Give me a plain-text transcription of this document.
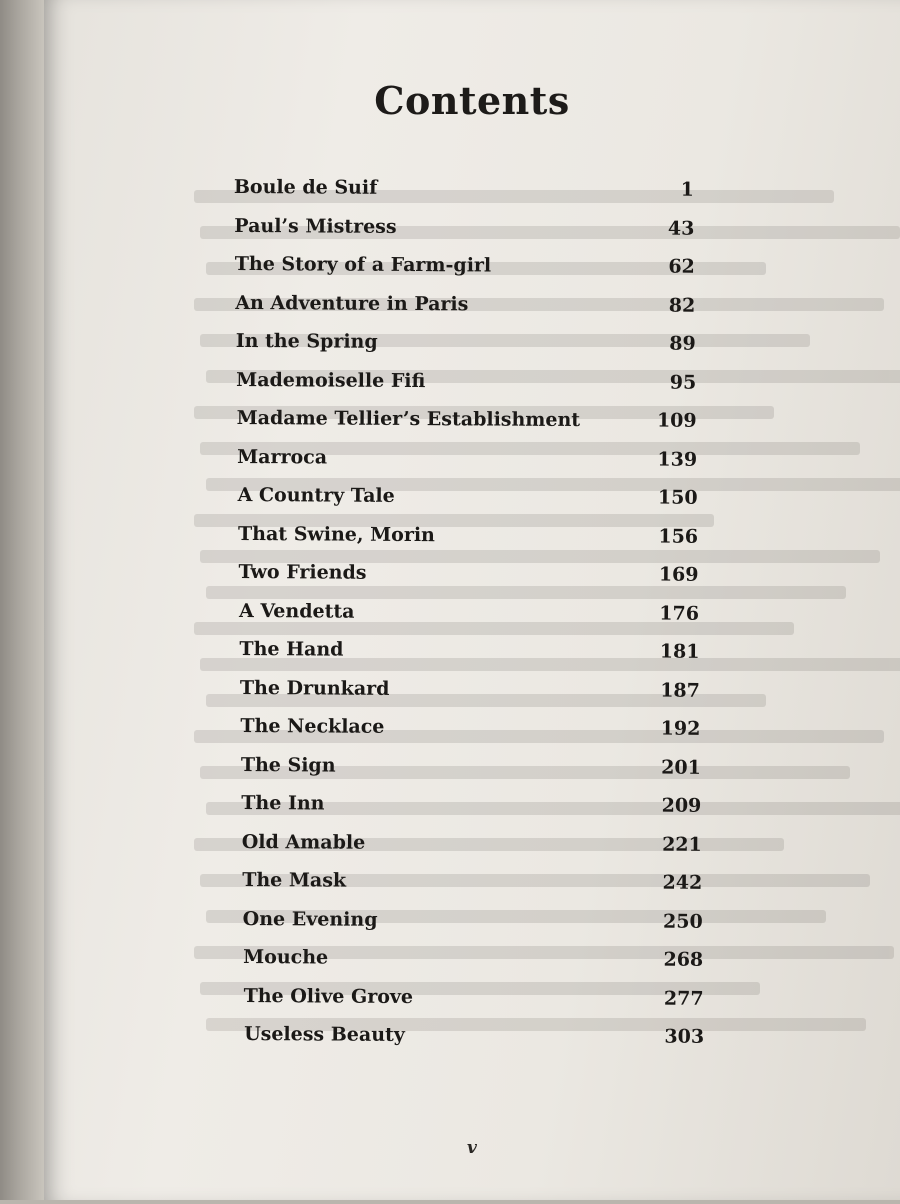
Contents
Boule de Suif	1
Paul’s Mistress	43
The Story of a Farm-girl	62
An Adventure in Paris	82
In the Spring	89
Mademoiselle Fifi	95
Madame Tellier’s Establishment	109
Marroca	139
A Country Tale	150
That Swine, Morin	156
Two Friends	169
A Vendetta	176
The Hand	181
The Drunkard	187
The Necklace	192
The Sign	201
The Inn	209
Old Amable	221
The Mask	242
One Evening	250
Mouche	268
The Olive Grove	277
Useless Beauty	303
v
